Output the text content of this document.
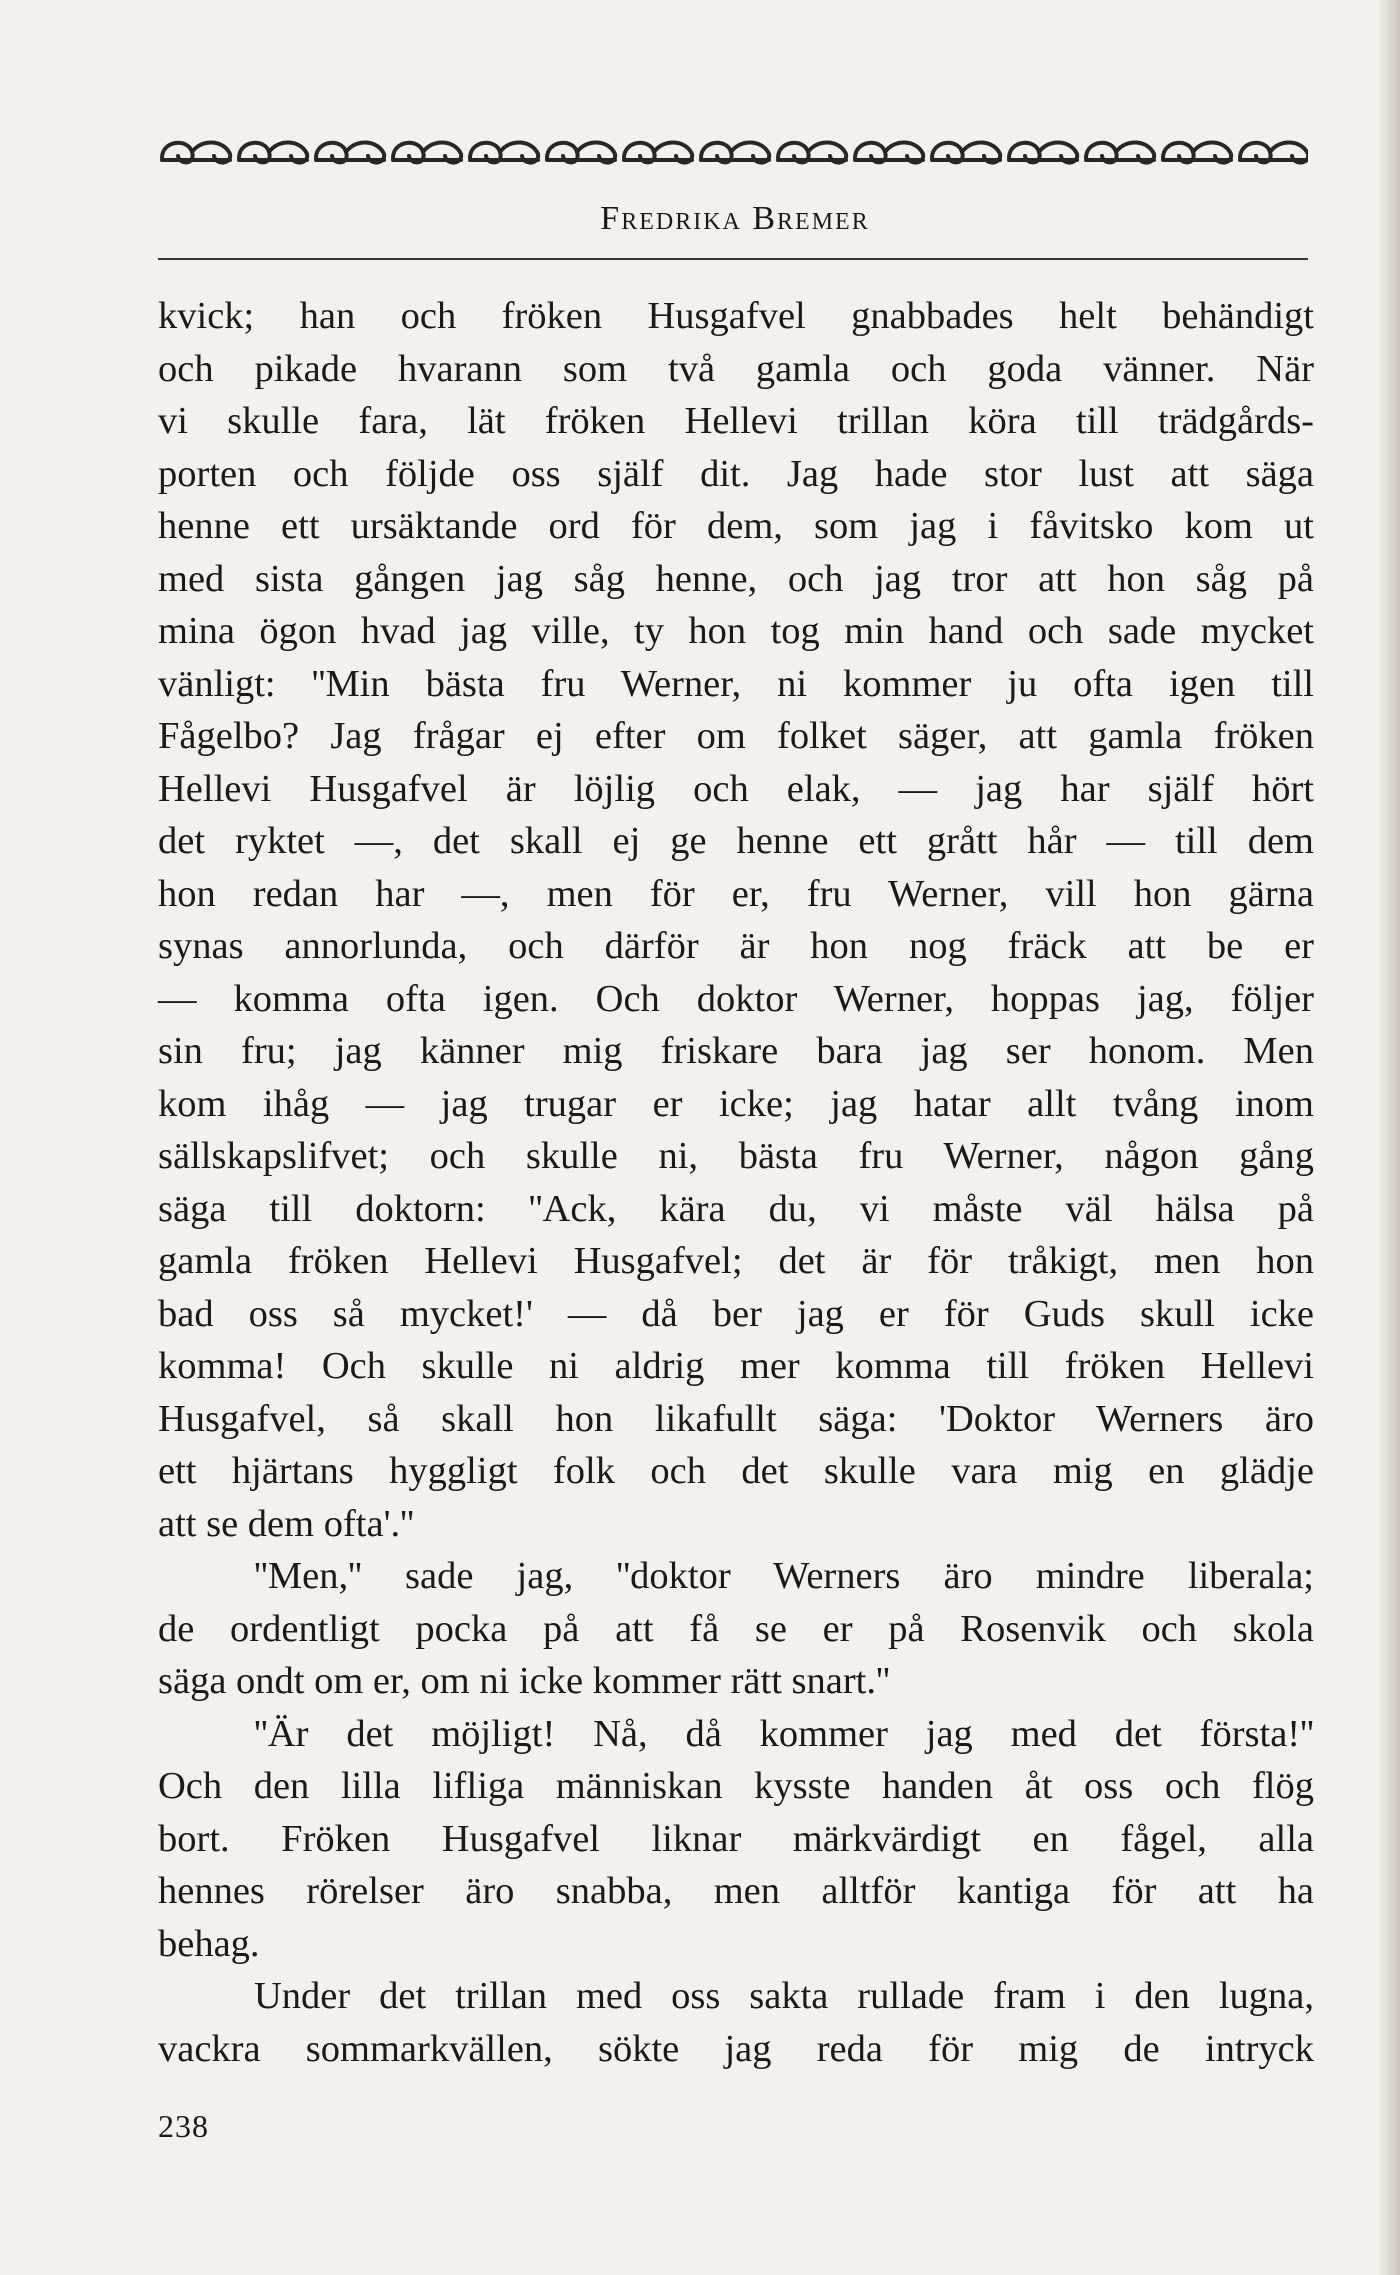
Fredrika Bremer
kvick; han och fröken Husgafvel gnabbades helt behändigt
och pikade hvarann som två gamla och goda vänner. När
vi skulle fara, lät fröken Hellevi trillan köra till trädgårds-
porten och följde oss själf dit. Jag hade stor lust att säga
henne ett ursäktande ord för dem, som jag i fåvitsko kom ut
med sista gången jag såg henne, och jag tror att hon såg på
mina ögon hvad jag ville, ty hon tog min hand och sade mycket
vänligt: ''Min bästa fru Werner, ni kommer ju ofta igen till
Fågelbo? Jag frågar ej efter om folket säger, att gamla fröken
Hellevi Husgafvel är löjlig och elak, — jag har själf hört
det ryktet —, det skall ej ge henne ett grått hår — till dem
hon redan har —, men för er, fru Werner, vill hon gärna
synas annorlunda, och därför är hon nog fräck att be er
— komma ofta igen. Och doktor Werner, hoppas jag, följer
sin fru; jag känner mig friskare bara jag ser honom. Men
kom ihåg — jag trugar er icke; jag hatar allt tvång inom
sällskapslifvet; och skulle ni, bästa fru Werner, någon gång
säga till doktorn: ''Ack, kära du, vi måste väl hälsa på
gamla fröken Hellevi Husgafvel; det är för tråkigt, men hon
bad oss så mycket!' — då ber jag er för Guds skull icke
komma! Och skulle ni aldrig mer komma till fröken Hellevi
Husgafvel, så skall hon likafullt säga: 'Doktor Werners äro
ett hjärtans hyggligt folk och det skulle vara mig en glädje
att se dem ofta'.''
''Men,'' sade jag, ''doktor Werners äro mindre liberala;
de ordentligt pocka på att få se er på Rosenvik och skola
säga ondt om er, om ni icke kommer rätt snart.''
''Är det möjligt! Nå, då kommer jag med det första!''
Och den lilla lifliga människan kysste handen åt oss och flög
bort. Fröken Husgafvel liknar märkvärdigt en fågel, alla
hennes rörelser äro snabba, men alltför kantiga för att ha
behag.
Under det trillan med oss sakta rullade fram i den lugna,
vackra sommarkvällen, sökte jag reda för mig de intryck
238
